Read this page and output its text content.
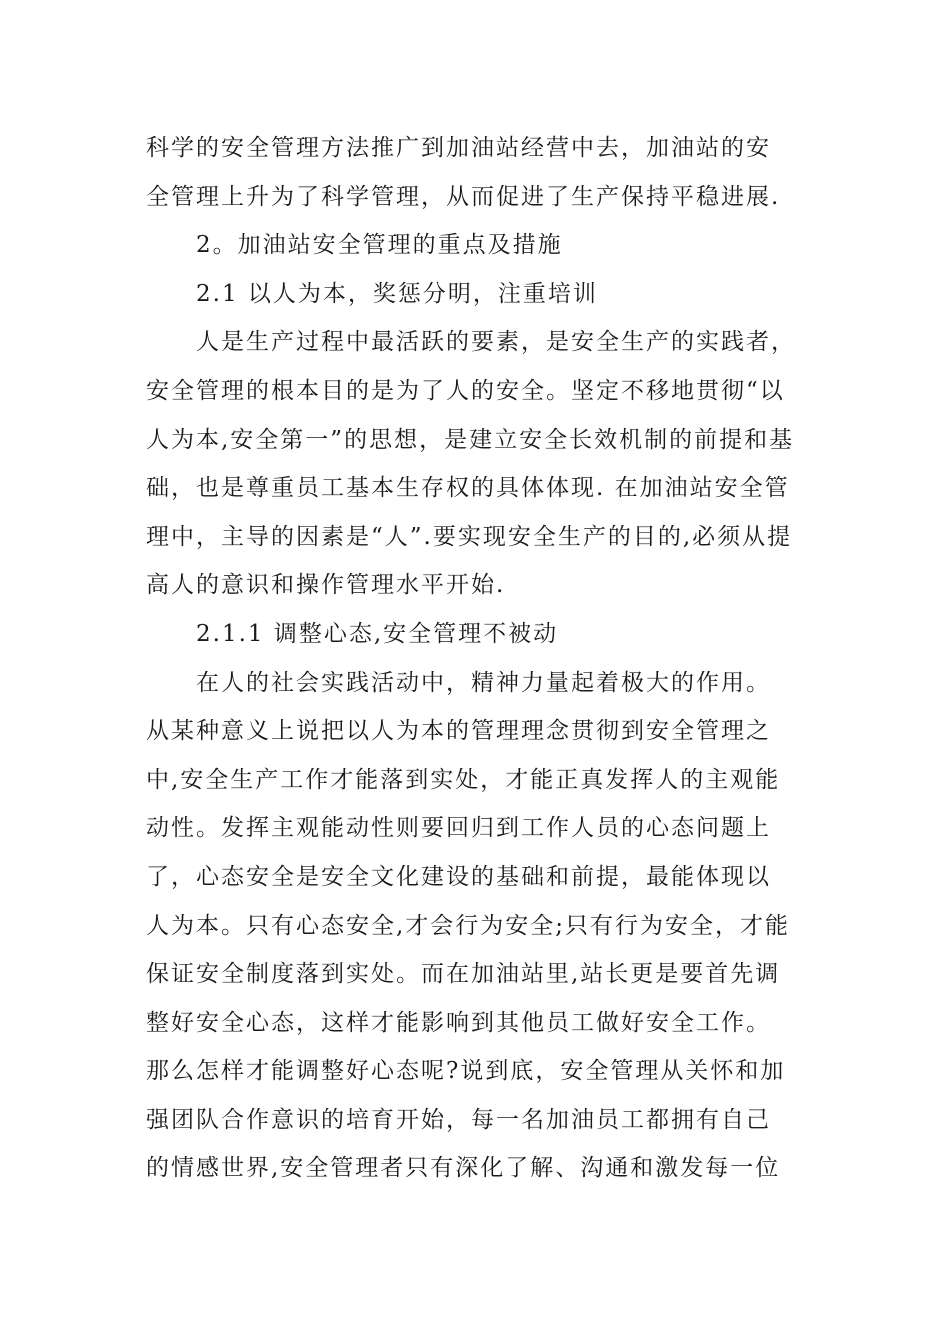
科学的安全管理方法推广到加油站经营中去，加油站的安
全管理上升为了科学管理，从而促进了生产保持平稳进展.
2。加油站安全管理的重点及措施
2.1 以人为本，奖惩分明，注重培训
人是生产过程中最活跃的要素，是安全生产的实践者，
安全管理的根本目的是为了人的安全。坚定不移地贯彻“以
人为本,安全第一”的思想，是建立安全长效机制的前提和基
础，也是尊重员工基本生存权的具体体现. 在加油站安全管
理中，主导的因素是“人”.要实现安全生产的目的,必须从提
高人的意识和操作管理水平开始.
2.1.1 调整心态,安全管理不被动
在人的社会实践活动中，精神力量起着极大的作用。
从某种意义上说把以人为本的管理理念贯彻到安全管理之
中,安全生产工作才能落到实处，才能正真发挥人的主观能
动性。发挥主观能动性则要回归到工作人员的心态问题上
了，心态安全是安全文化建设的基础和前提，最能体现以
人为本。只有心态安全,才会行为安全;只有行为安全，才能
保证安全制度落到实处。而在加油站里,站长更是要首先调
整好安全心态，这样才能影响到其他员工做好安全工作。
那么怎样才能调整好心态呢?说到底，安全管理从关怀和加
强团队合作意识的培育开始，每一名加油员工都拥有自己
的情感世界,安全管理者只有深化了解、沟通和激发每一位
